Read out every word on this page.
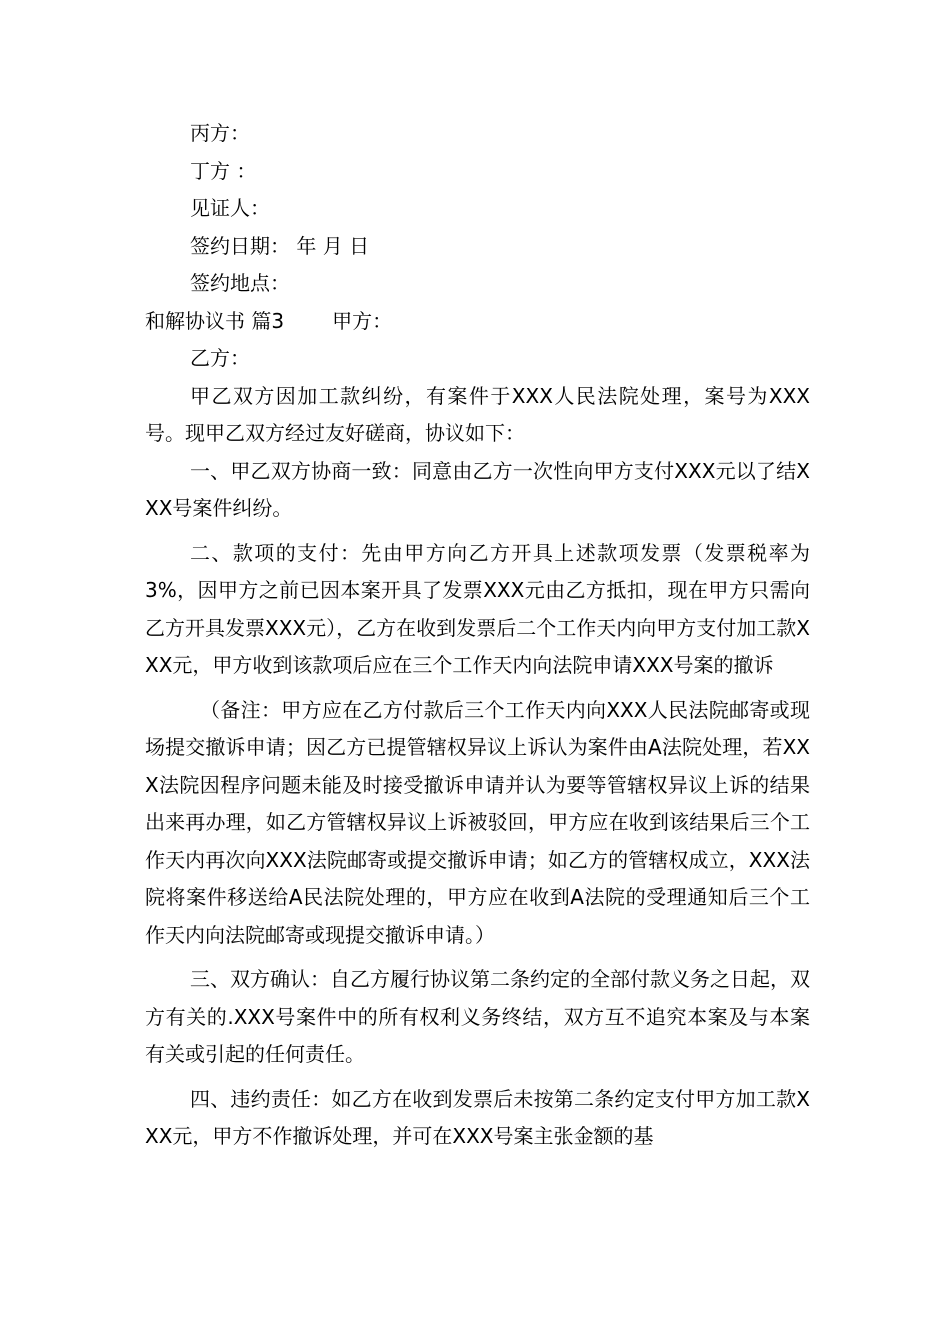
丙方：
丁方 ：
见证人：
签约日期： 年 月 日
签约地点：
和解协议书 篇3 甲方：
乙方：

甲乙双方因加工款纠纷，有案件于XXX人民法院处理，案号为XXX号。现甲乙双方经过友好磋商，协议如下：

一、甲乙双方协商一致：同意由乙方一次性向甲方支付XXX元以了结XXX号案件纠纷。

二、款项的支付：先由甲方向乙方开具上述款项发票（发票税率为3%，因甲方之前已因本案开具了发票XXX元由乙方抵扣，现在甲方只需向乙方开具发票XXX元），乙方在收到发票后二个工作天内向甲方支付加工款XXX元，甲方收到该款项后应在三个工作天内向法院申请XXX号案的撤诉

（备注：甲方应在乙方付款后三个工作天内向XXX人民法院邮寄或现场提交撤诉申请；因乙方已提管辖权异议上诉认为案件由A法院处理，若XXX法院因程序问题未能及时接受撤诉申请并认为要等管辖权异议上诉的结果出来再办理，如乙方管辖权异议上诉被驳回，甲方应在收到该结果后三个工作天内再次向XXX法院邮寄或提交撤诉申请；如乙方的管辖权成立，XXX法院将案件移送给A民法院处理的，甲方应在收到A法院的受理通知后三个工作天内向法院邮寄或现提交撤诉申请。）

三、双方确认：自乙方履行协议第二条约定的全部付款义务之日起，双方有关的.XXX号案件中的所有权利义务终结，双方互不追究本案及与本案有关或引起的任何责任。

四、违约责任：如乙方在收到发票后未按第二条约定支付甲方加工款XXX元，甲方不作撤诉处理，并可在XXX号案主张金额的基
